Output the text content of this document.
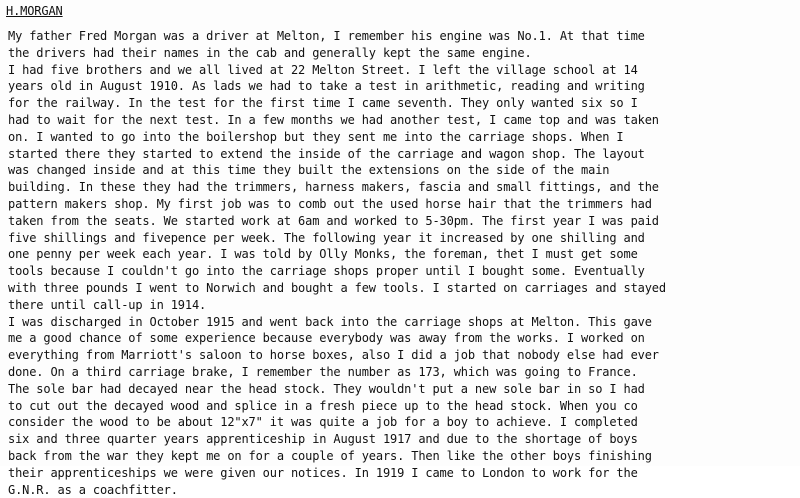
H.MORGAN
My father Fred Morgan was a driver at Melton, I remember his engine was No.1. At that time
the drivers had their names in the cab and generally kept the same engine.
I had five brothers and we all lived at 22 Melton Street. I left the village school at 14
years old in August 1910. As lads we had to take a test in arithmetic, reading and writing
for the railway. In the test for the first time I came seventh. They only wanted six so I
had to wait for the next test. In a few months we had another test, I came top and was taken
on. I wanted to go into the boilershop but they sent me into the carriage shops. When I
started there they started to extend the inside of the carriage and wagon shop. The layout
was changed inside and at this time they built the extensions on the side of the main
building. In these they had the trimmers, harness makers, fascia and small fittings, and the
pattern makers shop. My first job was to comb out the used horse hair that the trimmers had
taken from the seats. We started work at 6am and worked to 5-30pm. The first year I was paid
five shillings and fivepence per week. The following year it increased by one shilling and
one penny per week each year. I was told by Olly Monks, the foreman, thet I must get some
tools because I couldn't go into the carriage shops proper until I bought some. Eventually
with three pounds I went to Norwich and bought a few tools. I started on carriages and stayed
there until call-up in 1914.
I was discharged in October 1915 and went back into the carriage shops at Melton. This gave
me a good chance of some experience because everybody was away from the works. I worked on
everything from Marriott's saloon to horse boxes, also I did a job that nobody else had ever
done. On a third carriage brake, I remember the number as 173, which was going to France.
The sole bar had decayed near the head stock. They wouldn't put a new sole bar in so I had
to cut out the decayed wood and splice in a fresh piece up to the head stock. When you co
consider the wood to be about 12"x7" it was quite a job for a boy to achieve. I completed
six and three quarter years apprenticeship in August 1917 and due to the shortage of boys
back from the war they kept me on for a couple of years. Then like the other boys finishing
their apprenticeships we were given our notices. In 1919 I came to London to work for the
G.N.R. as a coachfitter.
